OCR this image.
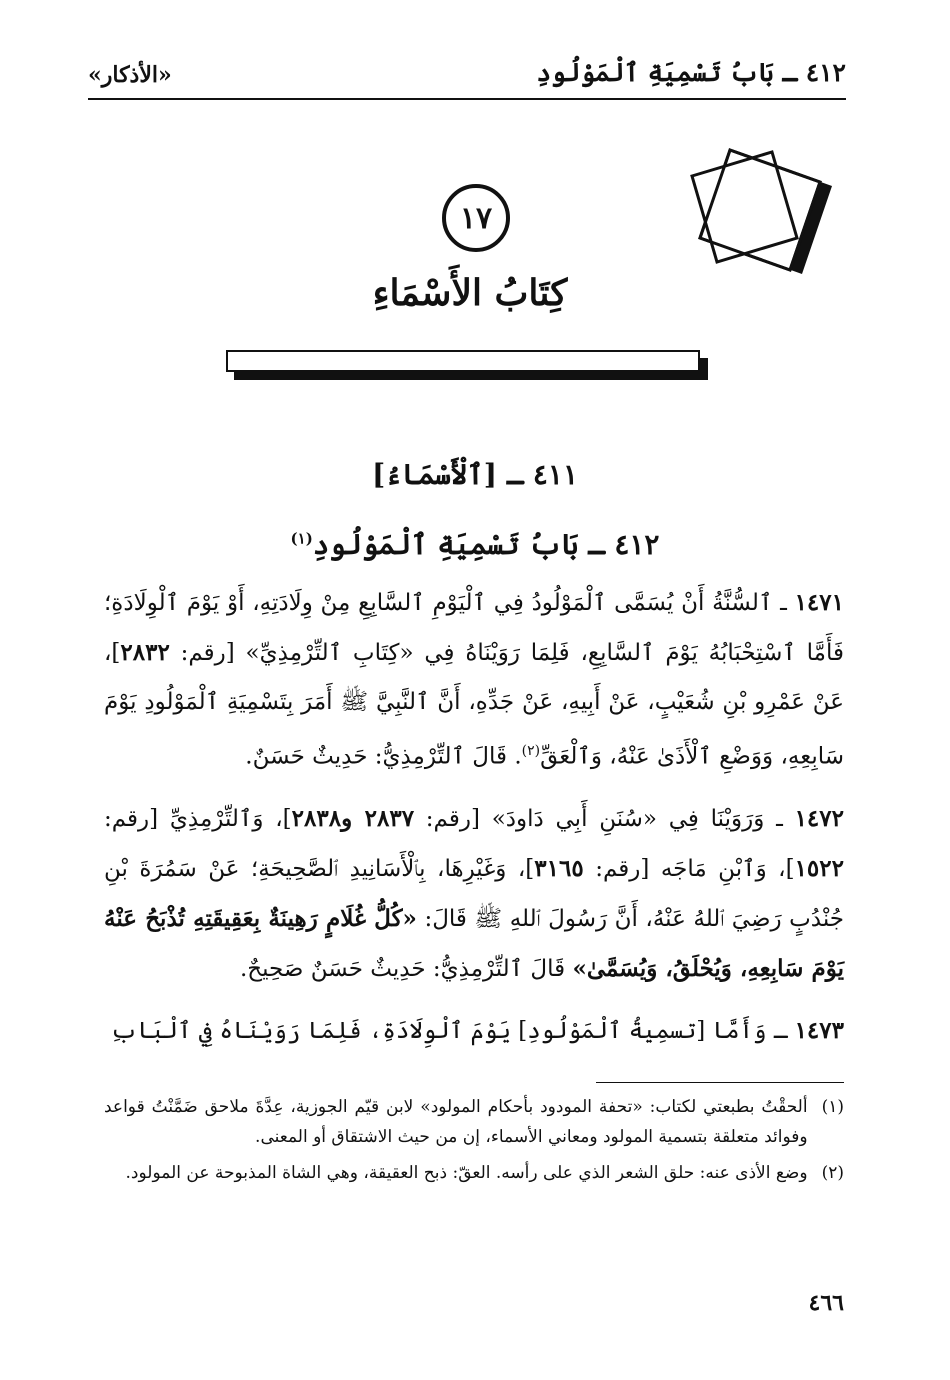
٤١٢ ـ بَابُ تَسْمِيَةِ ٱلْمَوْلُودِ
«الأذكار»
١٧
كِتَابُ الأَسْمَاءِ
٤١١ ـ [ٱلْأَسْمَاءُ]
٤١٢ ـ بَابُ تَسْمِيَةِ ٱلْمَوْلُودِ$^{(١)}$

١٤٧١ ـ ٱلسُّنَّةُ أَنْ يُسَمَّى ٱلْمَوْلُودُ فِي ٱلْيَوْمِ ٱلسَّابِعِ مِنْ وِلَادَتِهِ، أَوْ يَوْمَ ٱلْوِلَادَةِ؛ فَأَمَّا ٱسْتِحْبَابُهُ يَوْمَ ٱلسَّابِعِ، فَلِمَا رَوَيْنَاهُ فِي «كِتَابِ ٱلتِّرْمِذِيِّ» [رقم: ٢٨٣٢]، عَنْ عَمْرِو بْنِ شُعَيْبٍ، عَنْ أَبِيهِ، عَنْ جَدِّهِ، أَنَّ ٱلنَّبِيَّ ﷺ أَمَرَ بِتَسْمِيَةِ ٱلْمَوْلُودِ يَوْمَ سَابِعِهِ، وَوَضْعِ ٱلْأَذَىٰ عَنْهُ، وَٱلْعَقِّ$^{(٢)}$. قَالَ ٱلتِّرْمِذِيُّ: حَدِيثٌ حَسَنٌ.

١٤٧٢ ـ وَرَوَيْنَا فِي «سُنَنِ أَبِي دَاودَ» [رقم: ٢٨٣٧ و٢٨٣٨]، وَٱلتِّرْمِذِيِّ [رقم: ١٥٢٢]، وَٱبْنِ مَاجَه [رقم: ٣١٦٥]، وَغَيْرِهَا، بِٱلْأَسَانِيدِ ٱلصَّحِيحَةِ؛ عَنْ سَمُرَةَ بْنِ جُنْدُبٍ رَضِيَ ٱللهُ عَنْهُ، أَنَّ رَسُولَ ٱللهِ ﷺ قَالَ: «كُلُّ غُلَامٍ رَهِينَةٌ بِعَقِيقَتِهِ تُذْبَحُ عَنْهُ يَوْمَ سَابِعِهِ، وَيُحْلَقُ، وَيُسَمَّىٰ» قَالَ ٱلتِّرْمِذِيُّ: حَدِيثٌ حَسَنٌ صَحِيحٌ.

١٤٧٣ ـ وَأَمَّا [تسمِيةُ ٱلْمَوْلُودِ] يَوْمَ ٱلْوِلَادَةِ، فَلِمَا رَوَيْنَاهُ فِي ٱلْبَابِ

(١)
ألحقْتُ بطبعتي لكتاب: «تحفة المودود بأحكام المولود» لابن قيّم الجوزية، عِدَّةَ ملاحق ضَمَّنْتُ قواعد وفوائد متعلقة بتسمية المولود ومعاني الأسماء، إن من حيث الاشتقاق أو المعنى.
(٢)
وضع الأذى عنه: حلق الشعر الذي على رأسه. العقّ: ذبح العقيقة، وهي الشاة المذبوحة عن المولود.
٤٦٦
